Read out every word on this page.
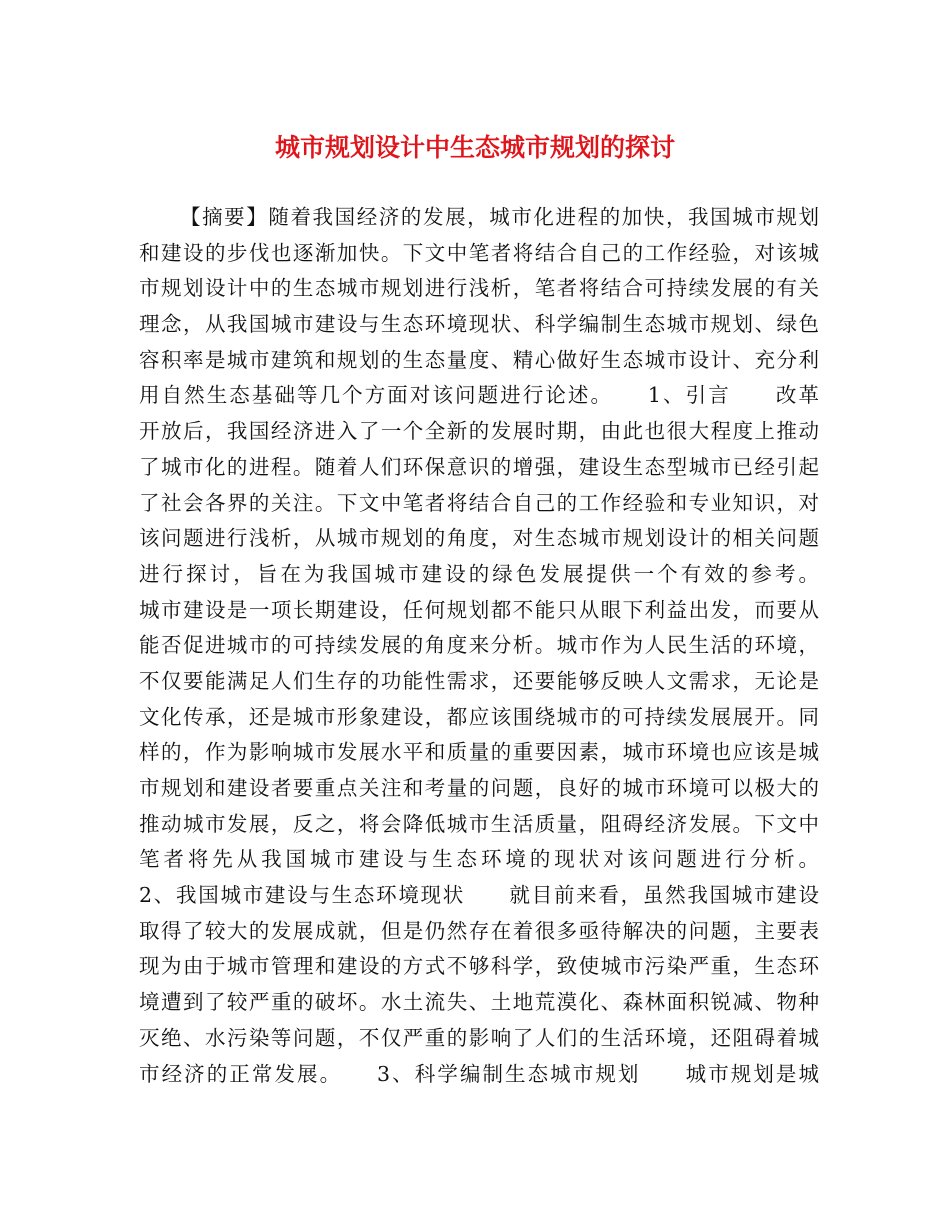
城市规划设计中生态城市规划的探讨
【摘要】随着我国经济的发展，城市化进程的加快，我国城市规划
和建设的步伐也逐渐加快。下文中笔者将结合自己的工作经验，对该城
市规划设计中的生态城市规划进行浅析，笔者将结合可持续发展的有关
理念，从我国城市建设与生态环境现状、科学编制生态城市规划、绿色
容积率是城市建筑和规划的生态量度、精心做好生态城市设计、充分利
用自然生态基础等几个方面对该问题进行论述。　　1、引言　　改革
开放后，我国经济进入了一个全新的发展时期，由此也很大程度上推动
了城市化的进程。随着人们环保意识的增强，建设生态型城市已经引起
了社会各界的关注。下文中笔者将结合自己的工作经验和专业知识，对
该问题进行浅析，从城市规划的角度，对生态城市规划设计的相关问题
进行探讨，旨在为我国城市建设的绿色发展提供一个有效的参考。
城市建设是一项长期建设，任何规划都不能只从眼下利益出发，而要从
能否促进城市的可持续发展的角度来分析。城市作为人民生活的环境，
不仅要能满足人们生存的功能性需求，还要能够反映人文需求，无论是
文化传承，还是城市形象建设，都应该围绕城市的可持续发展展开。同
样的，作为影响城市发展水平和质量的重要因素，城市环境也应该是城
市规划和建设者要重点关注和考量的问题，良好的城市环境可以极大的
推动城市发展，反之，将会降低城市生活质量，阻碍经济发展。下文中
笔者将先从我国城市建设与生态环境的现状对该问题进行分析。
2、我国城市建设与生态环境现状　　就目前来看，虽然我国城市建设
取得了较大的发展成就，但是仍然存在着很多亟待解决的问题，主要表
现为由于城市管理和建设的方式不够科学，致使城市污染严重，生态环
境遭到了较严重的破坏。水土流失、土地荒漠化、森林面积锐减、物种
灭绝、水污染等问题，不仅严重的影响了人们的生活环境，还阻碍着城
市经济的正常发展。　　3、科学编制生态城市规划　　城市规划是城
